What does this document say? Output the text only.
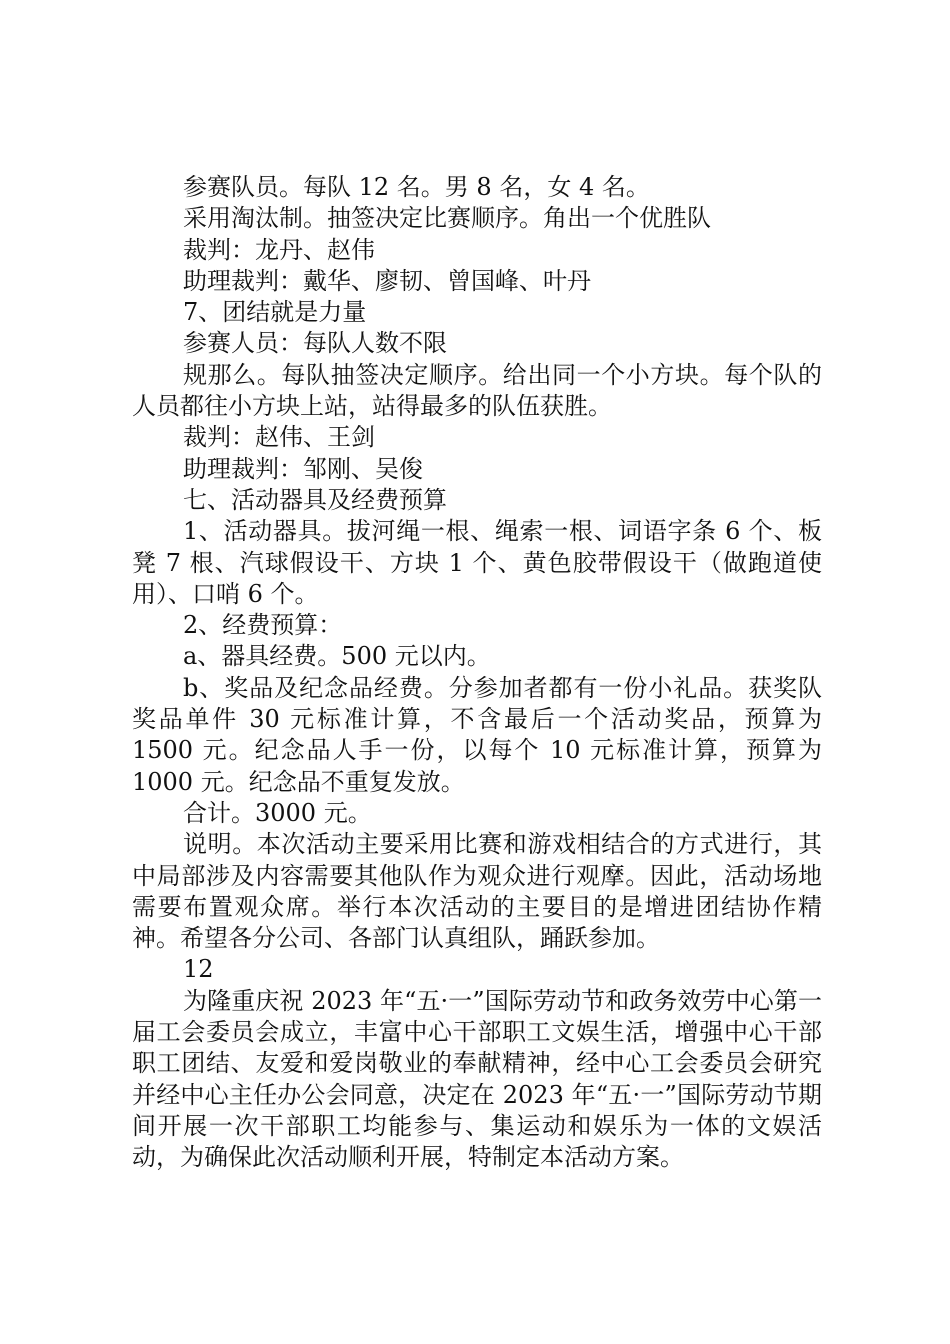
参赛队员。每队 12 名。男 8 名，女 4 名。

采用淘汰制。抽签决定比赛顺序。角出一个优胜队

裁判：龙丹、赵伟

助理裁判：戴华、廖韧、曾国峰、叶丹

7、团结就是力量

参赛人员：每队人数不限

规那么。每队抽签决定顺序。给出同一个小方块。每个队的人员都往小方块上站，站得最多的队伍获胜。

裁判：赵伟、王剑

助理裁判：邹刚、吴俊

七、活动器具及经费预算

1、活动器具。拔河绳一根、绳索一根、词语字条 6 个、板凳 7 根、汽球假设干、方块 1 个、黄色胶带假设干（做跑道使用）、口哨 6 个。

2、经费预算：

a、器具经费。500 元以内。

b、奖品及纪念品经费。分参加者都有一份小礼品。获奖队奖品单件 30 元标准计算，不含最后一个活动奖品，预算为 1500 元。纪念品人手一份，以每个 10 元标准计算，预算为 1000 元。纪念品不重复发放。

合计。3000 元。

说明。本次活动主要采用比赛和游戏相结合的方式进行，其中局部涉及内容需要其他队作为观众进行观摩。因此，活动场地需要布置观众席。举行本次活动的主要目的是增进团结协作精神。希望各分公司、各部门认真组队，踊跃参加。

12

为隆重庆祝 2023 年“五·一”国际劳动节和政务效劳中心第一届工会委员会成立，丰富中心干部职工文娱生活，增强中心干部职工团结、友爱和爱岗敬业的奉献精神，经中心工会委员会研究并经中心主任办公会同意，决定在 2023 年“五·一”国际劳动节期间开展一次干部职工均能参与、集运动和娱乐为一体的文娱活动，为确保此次活动顺利开展，特制定本活动方案。
